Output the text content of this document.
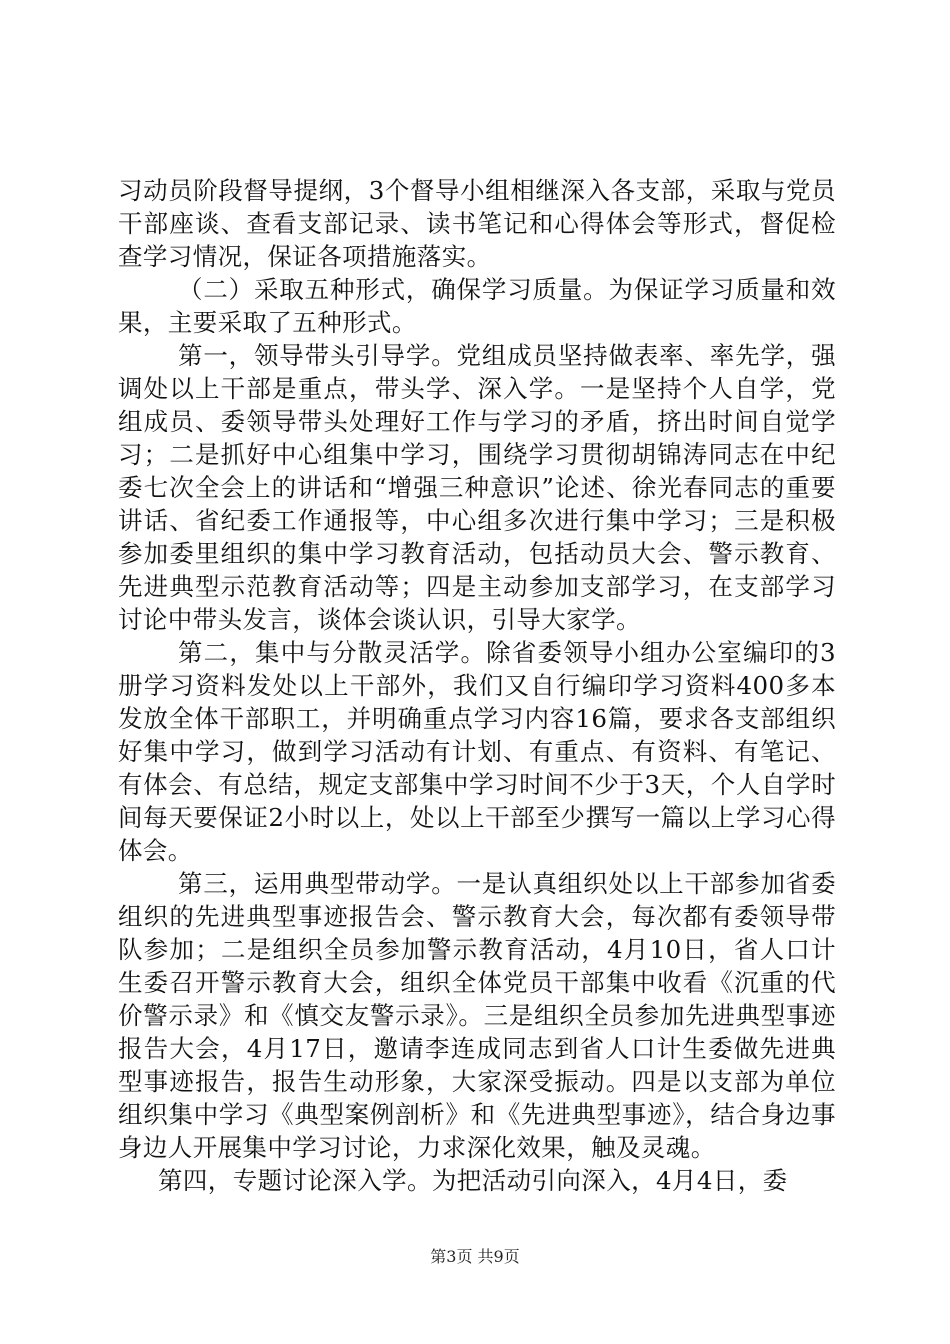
习动员阶段督导提纲，3个督导小组相继深入各支部，采取与党员干部座谈、查看支部记录、读书笔记和心得体会等形式，督促检查学习情况，保证各项措施落实。

（二）采取五种形式，确保学习质量。为保证学习质量和效果，主要采取了五种形式。

第一，领导带头引导学。党组成员坚持做表率、率先学，强调处以上干部是重点，带头学、深入学。一是坚持个人自学，党组成员、委领导带头处理好工作与学习的矛盾，挤出时间自觉学习；二是抓好中心组集中学习，围绕学习贯彻胡锦涛同志在中纪委七次全会上的讲话和“增强三种意识”论述、徐光春同志的重要讲话、省纪委工作通报等，中心组多次进行集中学习；三是积极参加委里组织的集中学习教育活动，包括动员大会、警示教育、先进典型示范教育活动等；四是主动参加支部学习，在支部学习讨论中带头发言，谈体会谈认识，引导大家学。

第二，集中与分散灵活学。除省委领导小组办公室编印的3册学习资料发处以上干部外，我们又自行编印学习资料400多本发放全体干部职工，并明确重点学习内容16篇，要求各支部组织好集中学习，做到学习活动有计划、有重点、有资料、有笔记、有体会、有总结，规定支部集中学习时间不少于3天，个人自学时间每天要保证2小时以上，处以上干部至少撰写一篇以上学习心得体会。

第三，运用典型带动学。一是认真组织处以上干部参加省委组织的先进典型事迹报告会、警示教育大会，每次都有委领导带队参加；二是组织全员参加警示教育活动，4月10日，省人口计生委召开警示教育大会，组织全体党员干部集中收看《沉重的代价警示录》和《慎交友警示录》。三是组织全员参加先进典型事迹报告大会，4月17日，邀请李连成同志到省人口计生委做先进典型事迹报告，报告生动形象，大家深受振动。四是以支部为单位组织集中学习《典型案例剖析》和《先进典型事迹》，结合身边事身边人开展集中学习讨论，力求深化效果，触及灵魂。

第四，专题讨论深入学。为把活动引向深入，4月4日，委

第3页 共9页
